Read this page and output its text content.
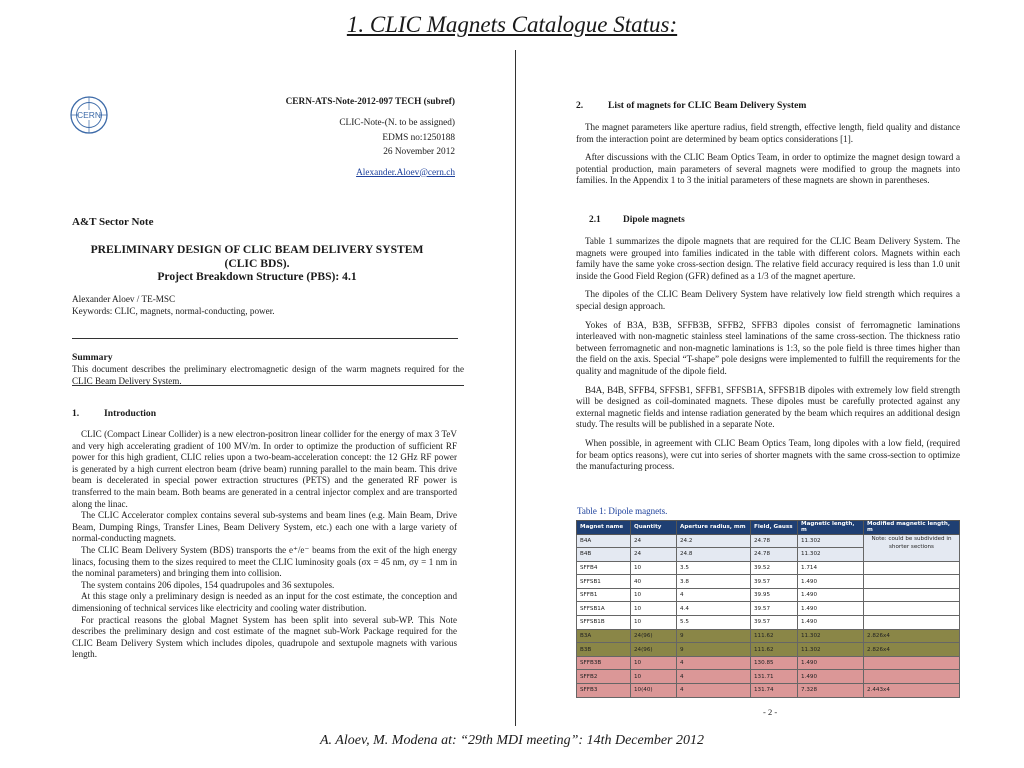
1. CLIC Magnets Catalogue Status:
CERN
CERN-ATS-Note-2012-097 TECH (subref)
CLIC-Note-(N. to be assigned)
EDMS no:1250188
26 November 2012
Alexander.Aloev@cern.ch
A&T Sector Note
PRELIMINARY DESIGN OF CLIC BEAM DELIVERY SYSTEM
(CLIC BDS).
Project Breakdown Structure (PBS): 4.1
Alexander Aloev / TE-MSC
Keywords: CLIC, magnets, normal-conducting, power.
Summary
This document describes the preliminary electromagnetic design of the warm magnets required for the CLIC Beam Delivery System.
1.	Introduction

CLIC (Compact Linear Collider) is a new electron-positron linear collider for the energy of max 3 TeV and very high accelerating gradient of 100 MV/m. In order to optimize the production of sufficient RF power for this high gradient, CLIC relies upon a two-beam-acceleration concept: the 12 GHz RF power is generated by a high current electron beam (drive beam) running parallel to the main beam. This drive beam is decelerated in special power extraction structures (PETS) and the generated RF power is transferred to the main beam. Both beams are generated in a central injector complex and are transported along the linac.

The CLIC Accelerator complex contains several sub-systems and beam lines (e.g. Main Beam, Drive Beam, Dumping Rings, Transfer Lines, Beam Delivery System, etc.) each one with a large variety of normal-conducting magnets.

The CLIC Beam Delivery System (BDS) transports the e⁺/e⁻ beams from the exit of the high energy linacs, focusing them to the sizes required to meet the CLIC luminosity goals (σx = 45 nm, σy = 1 nm in the nominal parameters) and bringing them into collision.

The system contains 206 dipoles, 154 quadrupoles and 36 sextupoles.

At this stage only a preliminary design is needed as an input for the cost estimate, the conception and dimensioning of technical services like electricity and cooling water distribution.

For practical reasons the global Magnet System has been split into several sub-WP. This Note describes the preliminary design and cost estimate of the magnet sub-Work Package required for the CLIC Beam Delivery System which includes dipoles, quadrupole and sextupole magnets with various length.

2.	List of magnets for CLIC Beam Delivery System

The magnet parameters like aperture radius, field strength, effective length, field quality and distance from the interaction point are determined by beam optics considerations [1].

After discussions with the CLIC Beam Optics Team, in order to optimize the magnet design toward a potential production, main parameters of several magnets were modified to group the magnets into families. In the Appendix 1 to 3 the initial parameters of these magnets are shown in parentheses.

2.1 Dipole magnets

Table 1 summarizes the dipole magnets that are required for the CLIC Beam Delivery System. The magnets were grouped into families indicated in the table with different colors. Magnets within each family have the same yoke cross-section design. The relative field accuracy required is less than 1.0 unit inside the Good Field Region (GFR) defined as a 1/3 of the magnet aperture.

The dipoles of the CLIC Beam Delivery System have relatively low field strength which requires a special design approach.

Yokes of B3A, B3B, SFFB3B, SFFB2, SFFB3 dipoles consist of ferromagnetic laminations interleaved with non-magnetic stainless steel laminations of the same cross-section. The thickness ratio between ferromagnetic and non-magnetic laminations is 1:3, so the pole field is three times higher than the field on the axis. Special “T-shape” pole designs were implemented to fulfill the requirements for the quality and magnitude of the dipole field.

B4A, B4B, SFFB4, SFFSB1, SFFB1, SFFSB1A, SFFSB1B dipoles with extremely low field strength will be designed as coil-dominated magnets. These dipoles must be carefully protected against any external magnetic fields and intense radiation generated by the beam which requires an additional design study. The results will be published in a separate Note.

When possible, in agreement with CLIC Beam Optics Team, long dipoles with a low field, (required for beam optics reasons), were cut into series of shorter magnets with the same cross-section to optimize the manufacturing process.

Table 1: Dipole magnets.
Magnet name	Quantity	Aperture radius, mm	Field, Gauss	Magnetic length, m	Modified magnetic length, m
B4A	24	24.2	24.78	11.302	Note: could be subdivided in shorter sections
B4B	24	24.8	24.78	11.302	
SFFB4	10	3.5	39.52	1.714	
SFFSB1	40	3.8	39.57	1.490	
SFFB1	10	4	39.95	1.490	
SFFSB1A	10	4.4	39.57	1.490	
SFFSB1B	10	5.5	39.57	1.490	
B3A	24(96)	9	111.62	11.302	2.826x4
B3B	24(96)	9	111.62	11.302	2.826x4
SFFB3B	10	4	130.85	1.490	
SFFB2	10	4	131.71	1.490	
SFFB3	10(40)	4	131.74	7.328	2.443x4
- 2 -
A. Aloev, M. Modena at: “29th MDI meeting”: 14th December 2012
